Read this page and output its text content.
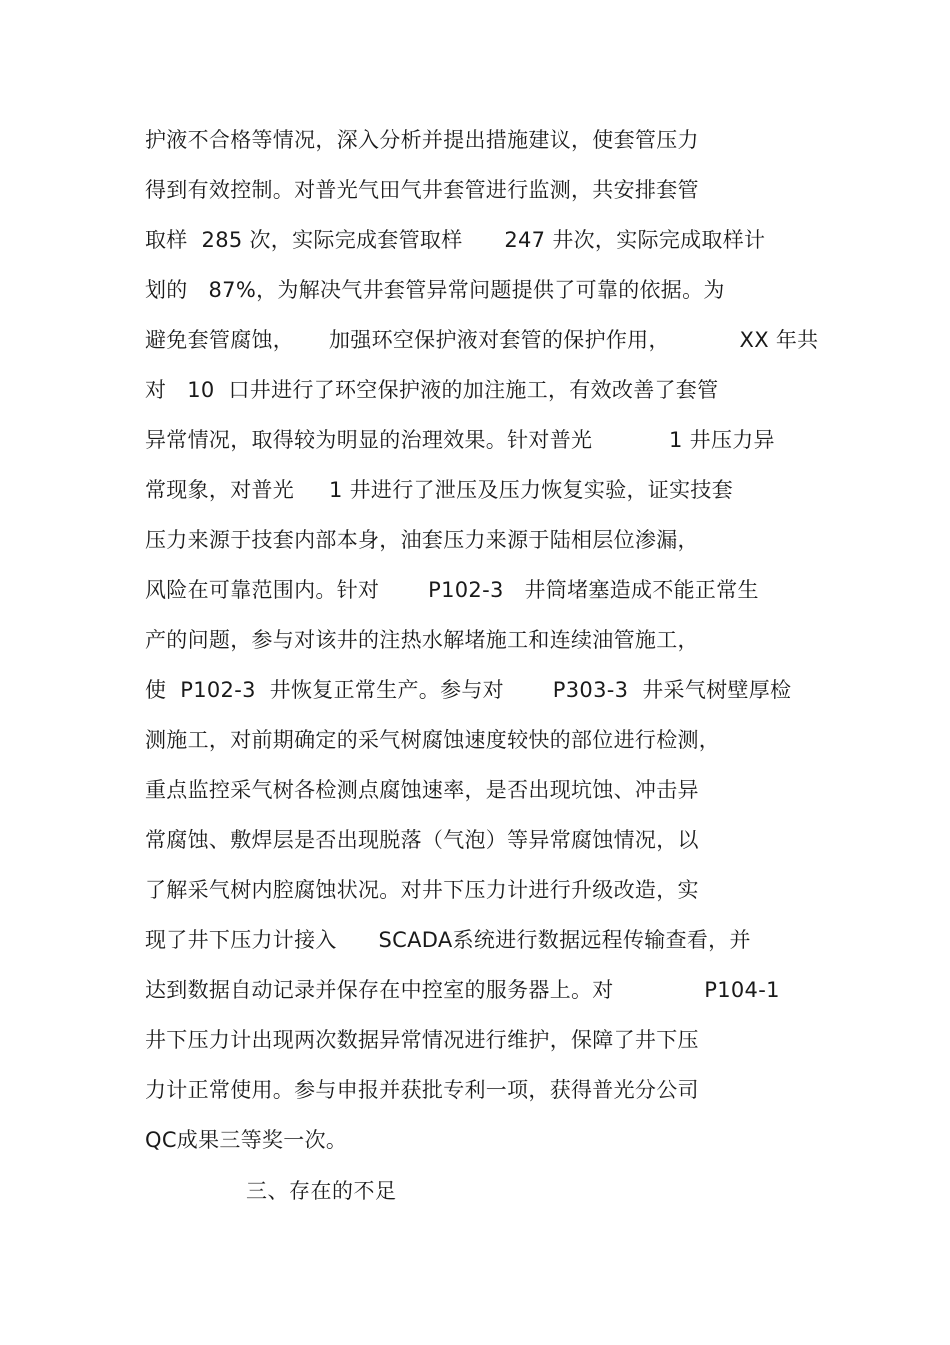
护液不合格等情况，深入分析并提出措施建议，使套管压力
得到有效控制。对普光气田气井套管进行监测，共安排套管
取样  285 次，实际完成套管取样      247 井次，实际完成取样计
划的   87%，为解决气井套管异常问题提供了可靠的依据。为
避免套管腐蚀，     加强环空保护液对套管的保护作用，          XX 年共
对   10  口井进行了环空保护液的加注施工，有效改善了套管
异常情况，取得较为明显的治理效果。针对普光           1 井压力异
常现象，对普光     1 井进行了泄压及压力恢复实验，证实技套
压力来源于技套内部本身，油套压力来源于陆相层位渗漏，
风险在可靠范围内。针对       P102-3   井筒堵塞造成不能正常生
产的问题，参与对该井的注热水解堵施工和连续油管施工，
使  P102-3  井恢复正常生产。参与对       P303-3  井采气树壁厚检
测施工，对前期确定的采气树腐蚀速度较快的部位进行检测，
重点监控采气树各检测点腐蚀速率，是否出现坑蚀、冲击异
常腐蚀、敷焊层是否出现脱落（气泡）等异常腐蚀情况，以
了解采气树内腔腐蚀状况。对井下压力计进行升级改造，实
现了井下压力计接入      SCADA系统进行数据远程传输查看，并
达到数据自动记录并保存在中控室的服务器上。对             P104-1
井下压力计出现两次数据异常情况进行维护，保障了井下压
力计正常使用。参与申报并获批专利一项，获得普光分公司
QC成果三等奖一次。
三、存在的不足
